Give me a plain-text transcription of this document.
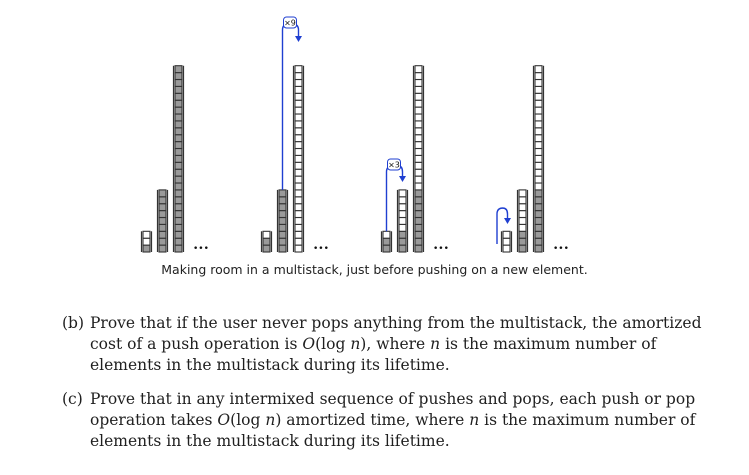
•••	•••
×9
•••
×3
•••
Making room in a multistack, just before pushing on a new element.
(b) Prove that if the user never pops anything from the multistack, the amortized cost of a push operation is O(log n), where n is the maximum number of elements in the multistack during its lifetime.
(c) Prove that in any intermixed sequence of pushes and pops, each push or pop operation takes O(log n) amortized time, where n is the maximum number of elements in the multistack during its lifetime.
